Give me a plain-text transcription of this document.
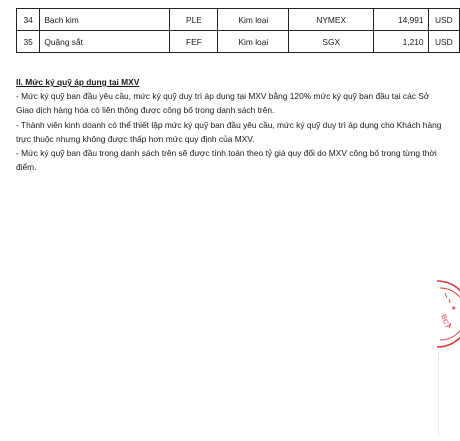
34	Bạch kim	PLE	Kim loại	NYMEX	14,991	USD
35	Quặng sắt	FEF	Kim loại	SGX	1,210	USD

II. Mức ký quỹ áp dụng tại MXV

- Mức ký quỹ ban đầu yêu cầu, mức ký quỹ duy trì áp dụng tại MXV bằng 120% mức ký quỹ ban đầu tại các Sở Giao dịch hàng hóa có liên thông được công bố trong danh sách trên.

- Thành viên kinh doanh có thể thiết lập mức ký quỹ ban đầu yêu cầu, mức ký quỹ duy trì áp dụng cho Khách hàng trực thuộc nhưng không được thấp hơn mức quy định của MXV.

- Mức ký quỹ ban đầu trong danh sách trên sẽ được tính toán theo tỷ giá quy đổi do MXV công bố trong từng thời điểm.

BCT
★
